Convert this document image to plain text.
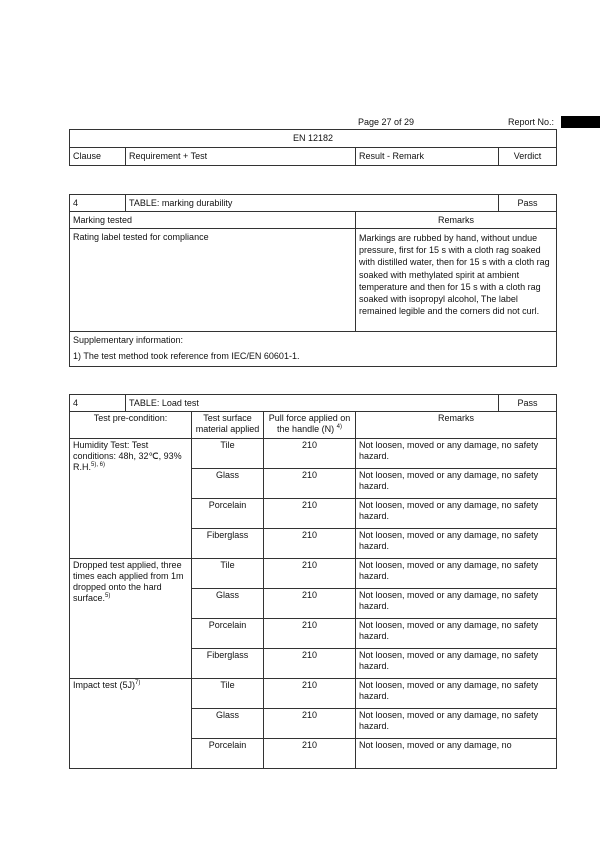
Page 27 of 29	Report No.:
EN 12182
Clause	Requirement + Test	Result - Remark	Verdict
4	TABLE: marking durability		Pass
Marking tested		Remarks	
Rating label tested for compliance		Markings are rubbed by hand, without undue pressure, first for 15 s with a cloth rag soaked with distilled water, then for 15 s with a cloth rag soaked with methylated spirit at ambient temperature and then for 15 s with a cloth rag soaked with isopropyl alcohol, The label remained legible and the corners did not curl.	
Supplementary information:			
1) The test method took reference from IEC/EN 60601-1.			
4	TABLE: Load test				Pass
Test pre-condition:		Test surface material applied	Pull force applied on the handle (N) $^{4)}$	Remarks	
Humidity Test: Test conditions: 48h, 32℃, 93% R.H.$^{5), 6)}$		Tile	210	Not loosen, moved or any damage, no safety hazard.	
		Glass	210	Not loosen, moved or any damage, no safety hazard.	
		Porcelain	210	Not loosen, moved or any damage, no safety hazard.	
		Fiberglass	210	Not loosen, moved or any damage, no safety hazard.	
Dropped test applied, three times each applied from 1m dropped onto the hard surface.$^{5)}$		Tile	210	Not loosen, moved or any damage, no safety hazard.	
		Glass	210	Not loosen, moved or any damage, no safety hazard.	
		Porcelain	210	Not loosen, moved or any damage, no safety hazard.	
		Fiberglass	210	Not loosen, moved or any damage, no safety hazard.	
Impact test $(5J)^{7)}$		Tile	210	Not loosen, moved or any damage, no safety hazard.	
		Glass	210	Not loosen, moved or any damage, no safety hazard.	
		Porcelain	210	Not loosen, moved or any damage, no	
